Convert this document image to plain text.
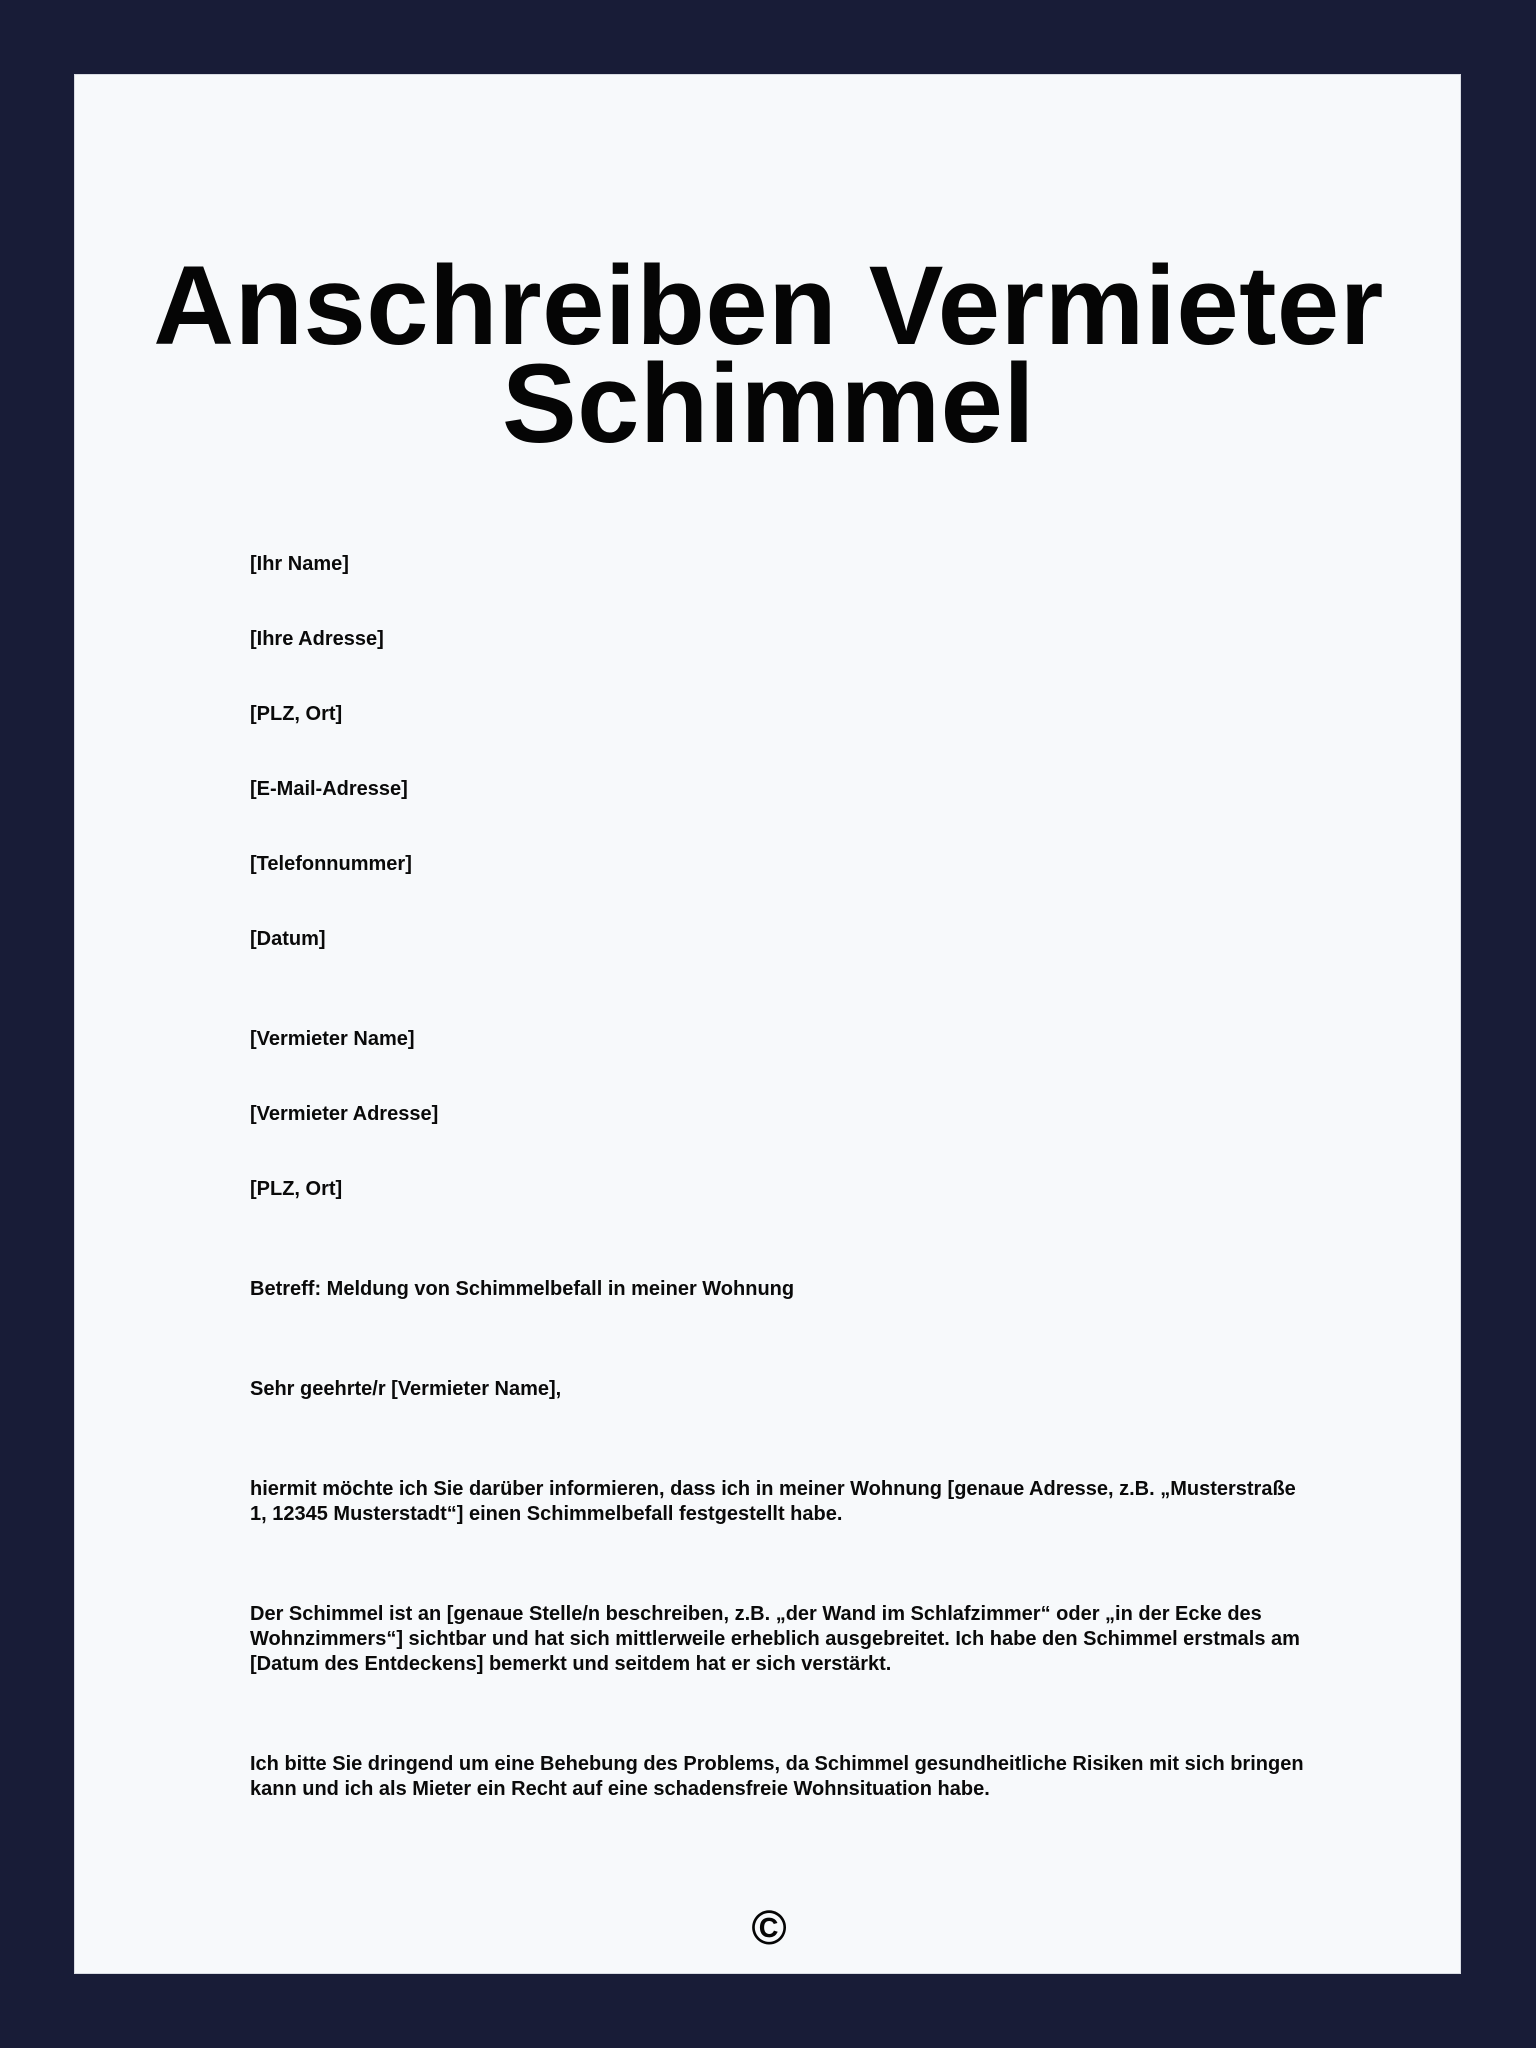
Anschreiben Vermieter Schimmel

[Ihr Name]

[Ihre Adresse]

[PLZ, Ort]

[E-Mail-Adresse]

[Telefonnummer]

[Datum]

[Vermieter Name]

[Vermieter Adresse]

[PLZ, Ort]

Betreff: Meldung von Schimmelbefall in meiner Wohnung

Sehr geehrte/r [Vermieter Name],

hiermit möchte ich Sie darüber informieren, dass ich in meiner Wohnung [genaue Adresse, z.B. „Musterstraße 1, 12345 Musterstadt“] einen Schimmelbefall festgestellt habe.

Der Schimmel ist an [genaue Stelle/n beschreiben, z.B. „der Wand im Schlafzimmer“ oder „in der Ecke des Wohnzimmers“] sichtbar und hat sich mittlerweile erheblich ausgebreitet. Ich habe den Schimmel erstmals am [Datum des Entdeckens] bemerkt und seitdem hat er sich verstärkt.

Ich bitte Sie dringend um eine Behebung des Problems, da Schimmel gesundheitliche Risiken mit sich bringen kann und ich als Mieter ein Recht auf eine schadensfreie Wohnsituation habe.

©
